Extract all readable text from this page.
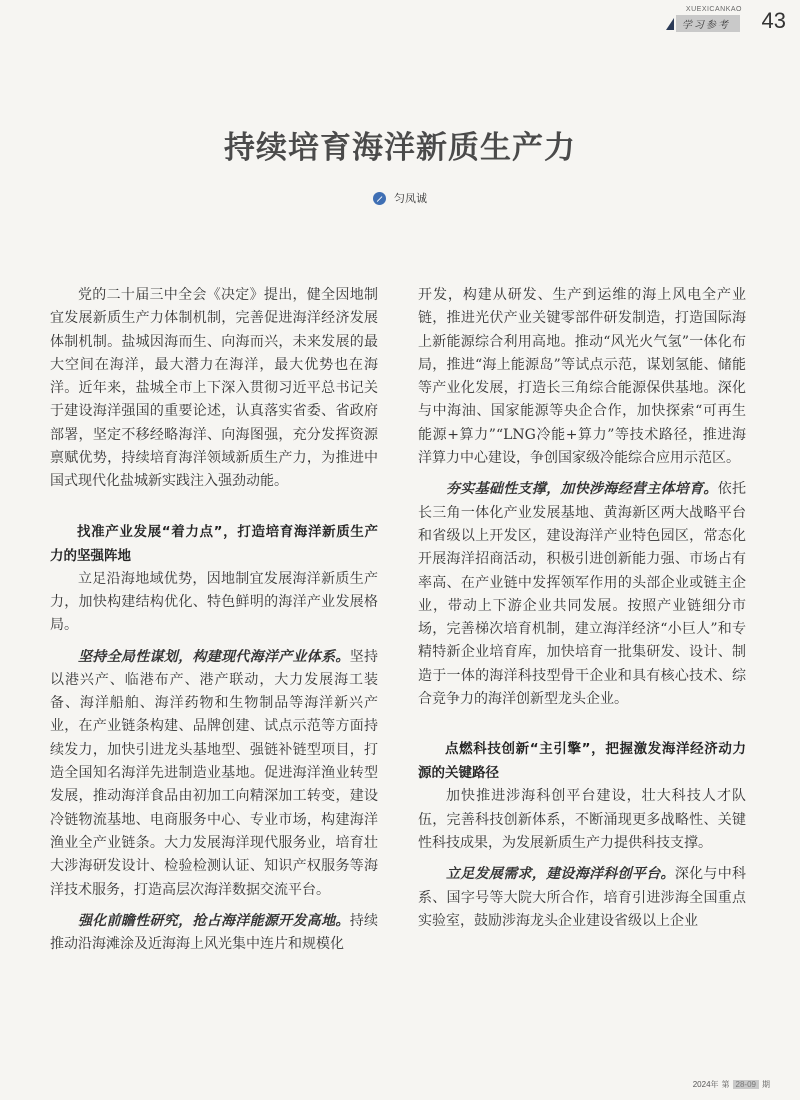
XUEXICANKAO
学习参考	43
持续培育海洋新质生产力
匀凤诚

党的二十届三中全会《决定》提出，健全因地制宜发展新质生产力体制机制，完善促进海洋经济发展体制机制。盐城因海而生、向海而兴，未来发展的最大空间在海洋，最大潜力在海洋，最大优势也在海洋。近年来，盐城全市上下深入贯彻习近平总书记关于建设海洋强国的重要论述，认真落实省委、省政府部署，坚定不移经略海洋、向海图强，充分发挥资源禀赋优势，持续培育海洋领域新质生产力，为推进中国式现代化盐城新实践注入强劲动能。

找准产业发展“着力点”，打造培育海洋新质生产力的坚强阵地

立足沿海地域优势，因地制宜发展海洋新质生产力，加快构建结构优化、特色鲜明的海洋产业发展格局。

坚持全局性谋划，构建现代海洋产业体系。坚持以港兴产、临港布产、港产联动，大力发展海工装备、海洋船舶、海洋药物和生物制品等海洋新兴产业，在产业链条构建、品牌创建、试点示范等方面持续发力，加快引进龙头基地型、强链补链型项目，打造全国知名海洋先进制造业基地。促进海洋渔业转型发展，推动海洋食品由初加工向精深加工转变，建设冷链物流基地、电商服务中心、专业市场，构建海洋渔业全产业链条。大力发展海洋现代服务业，培育壮大涉海研发设计、检验检测认证、知识产权服务等海洋技术服务，打造高层次海洋数据交流平台。

强化前瞻性研究，抢占海洋能源开发高地。持续推动沿海滩涂及近海海上风光集中连片和规模化

开发，构建从研发、生产到运维的海上风电全产业链，推进光伏产业关键零部件研发制造，打造国际海上新能源综合利用高地。推动“风光火气氢”一体化布局，推进“海上能源岛”等试点示范，谋划氢能、储能等产业化发展，打造长三角综合能源保供基地。深化与中海油、国家能源等央企合作，加快探索“可再生能源+算力”“LNG冷能+算力”等技术路径，推进海洋算力中心建设，争创国家级冷能综合应用示范区。

夯实基础性支撑，加快涉海经营主体培育。依托长三角一体化产业发展基地、黄海新区两大战略平台和省级以上开发区，建设海洋产业特色园区，常态化开展海洋招商活动，积极引进创新能力强、市场占有率高、在产业链中发挥领军作用的头部企业或链主企业，带动上下游企业共同发展。按照产业链细分市场，完善梯次培育机制，建立海洋经济“小巨人”和专精特新企业培育库，加快培育一批集研发、设计、制造于一体的海洋科技型骨干企业和具有核心技术、综合竞争力的海洋创新型龙头企业。

点燃科技创新“主引擎”，把握激发海洋经济动力源的关键路径

加快推进涉海科创平台建设，壮大科技人才队伍，完善科技创新体系，不断涌现更多战略性、关键性科技成果，为发展新质生产力提供科技支撑。

立足发展需求，建设海洋科创平台。深化与中科系、国字号等大院大所合作，培育引进涉海全国重点实验室，鼓励涉海龙头企业建设省级以上企业

2024年 第 28-09 期
